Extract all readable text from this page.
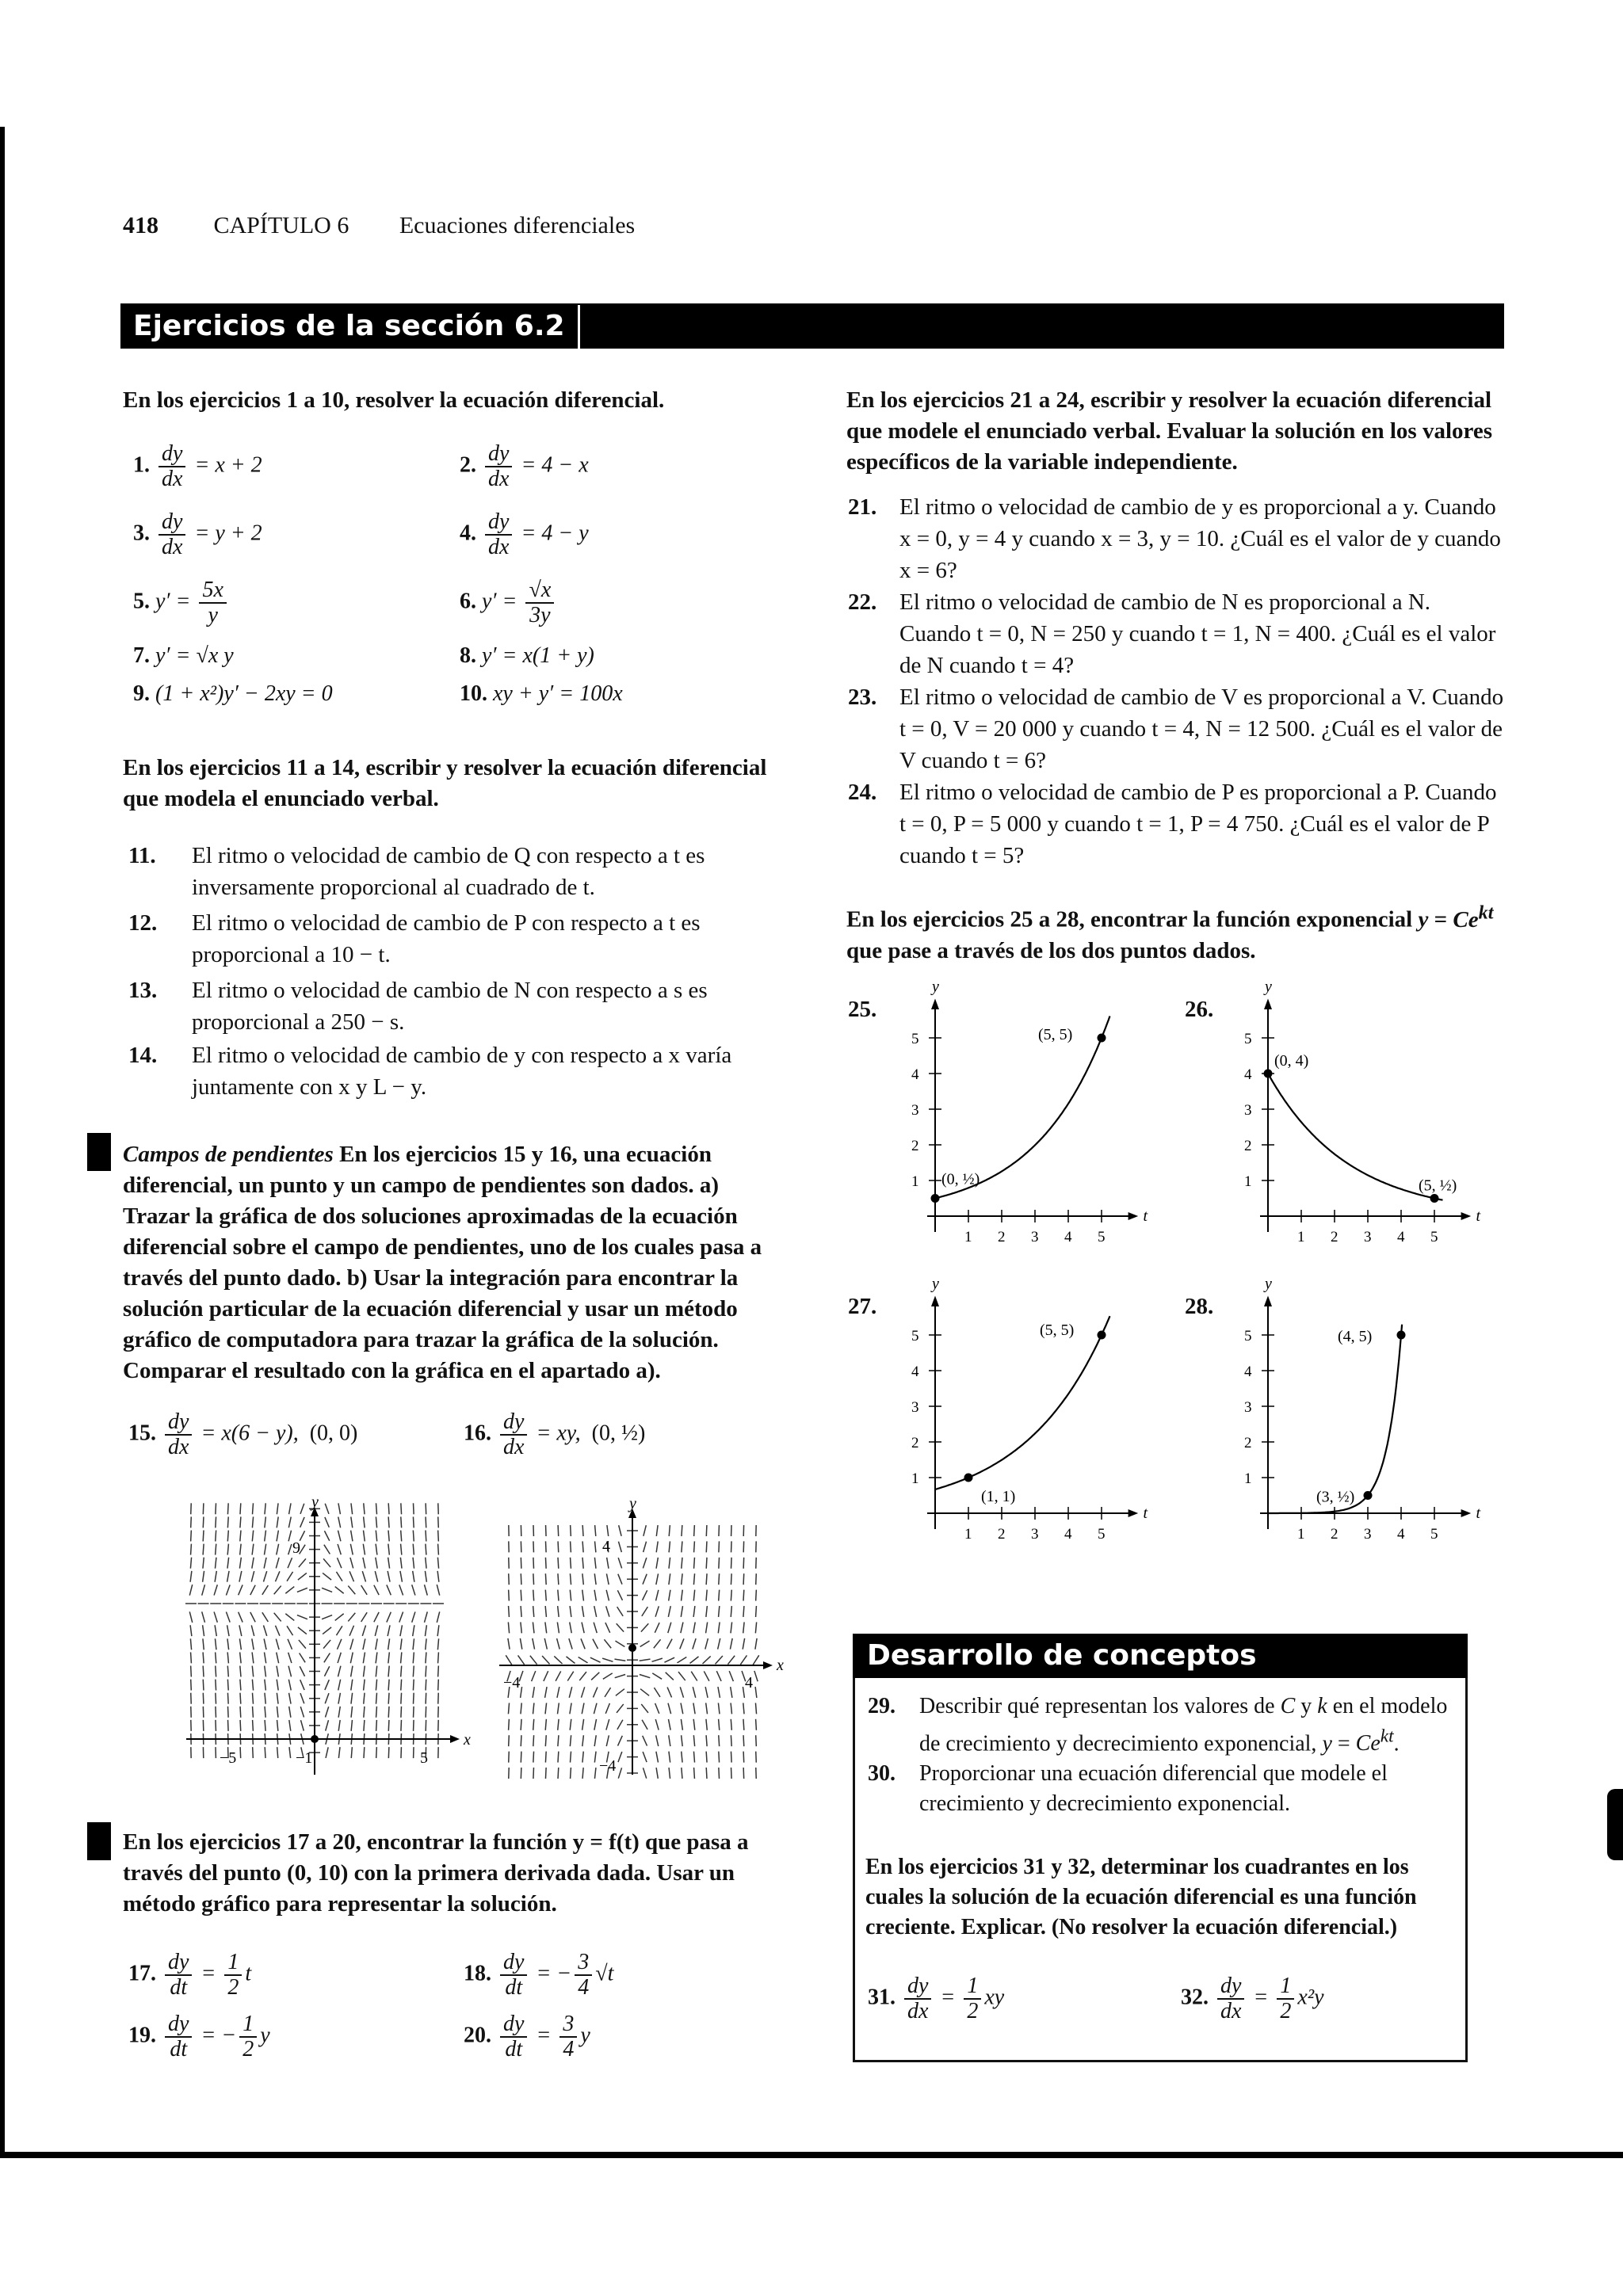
418 CAPÍTULO 6 Ecuaciones diferenciales
Ejercicios de la sección 6.2
En los ejercicios 1 a 10, resolver la ecuación diferencial.
1. $\frac{dy}{dx} = x + 2$	2. $\frac{dy}{dx} = 4 - x$
3. $\frac{dy}{dx} = y + 2$	4. $\frac{dy}{dx} = 4 - y$
5. $y' = \frac{5x}{y}$	6. $y' = \frac{√x}{3y}$
7. y′ = √x y	8. y′ = x(1 + y)
9. (1 + x²)y′ − 2xy = 0	10. xy + y′ = 100x
En los ejercicios 11 a 14, escribir y resolver la ecuación diferencial que modela el enunciado verbal.
11. El ritmo o velocidad de cambio de Q con respecto a t es inversamente proporcional al cuadrado de t.
12. El ritmo o velocidad de cambio de P con respecto a t es proporcional a 10 − t.
13. El ritmo o velocidad de cambio de N con respecto a s es proporcional a 250 − s.
14. El ritmo o velocidad de cambio de y con respecto a x varía juntamente con x y L − y.
Campos de pendientes En los ejercicios 15 y 16, una ecuación diferencial, un punto y un campo de pendientes son dados. a) Trazar la gráfica de dos soluciones aproximadas de la ecuación diferencial sobre el campo de pendientes, uno de los cuales pasa a través del punto dado. b) Usar la integración para encontrar la solución particular de la ecuación diferencial y usar un método gráfico de computadora para trazar la gráfica de la solución. Comparar el resultado con la gráfica en el apartado a).
15. $\frac{dy}{dx} = x(6 - y)$,  (0, 0)	16. $\frac{dy}{dx}$ = xy,  (0, ½)
y
x
9
−5	−1	5
y
x
4
−4
−4	4
En los ejercicios 17 a 20, encontrar la función y = f(t) que pasa a través del punto (0, 10) con la primera derivada dada. Usar un método gráfico para representar la solución.
17. $\frac{dy}{dt} = \frac{1}{2}$ t	18. $\frac{dy}{dt}$ = − $\frac{3}{4} √t$
19. $\frac{dy}{dt}$ = − $\frac{1}{2}$ y	20. $\frac{dy}{dt} = \frac{3}{4}$ y
En los ejercicios 21 a 24, escribir y resolver la ecuación diferencial que modele el enunciado verbal. Evaluar la solución en los valores específicos de la variable independiente.
21. El ritmo o velocidad de cambio de y es proporcional a y. Cuando x = 0, y = 4 y cuando x = 3, y = 10. ¿Cuál es el valor de y cuando x = 6?
22. El ritmo o velocidad de cambio de N es proporcional a N. Cuando t = 0, N = 250 y cuando t = 1, N = 400. ¿Cuál es el valor de N cuando t = 4?
23. El ritmo o velocidad de cambio de V es proporcional a V. Cuando t = 0, V = 20 000 y cuando t = 4, N = 12 500. ¿Cuál es el valor de V cuando t = 6?
24. El ritmo o velocidad de cambio de P es proporcional a P. Cuando t = 0, P = 5 000 y cuando t = 1, P = 4 750. ¿Cuál es el valor de P cuando t = 5?
En los ejercicios 25 a 28, encontrar la función exponencial $y = Ce^{kt}$ que pase a través de los dos puntos dados.
25.	26.
27.	28.
y
t
1 2 3 4 5
1
2
3
4
5
(0, ½)
(5, 5)
y
t
1 2 3 4 5
1
2
3
4
5
(0, 4)
(5, ½)
y
t
1 2 3 4 5
1
2
3
4
5
(1, 1)
(5, 5)
y
t
1 2 3 4 5
1
2
3
4
5
(3, ½)
(4, 5)
Desarrollo de conceptos
29. Describir qué representan los valores de C y k en el modelo de crecimiento y decrecimiento exponencial, $y = Ce^{kt}$.
30. Proporcionar una ecuación diferencial que modele el crecimiento y decrecimiento exponencial.
En los ejercicios 31 y 32, determinar los cuadrantes en los cuales la solución de la ecuación diferencial es una función creciente. Explicar. (No resolver la ecuación diferencial.)
31. $\frac{dy}{dx} = \frac{1}{2}$ xy	32. $\frac{dy}{dx} = \frac{1}{2} x^2y$
